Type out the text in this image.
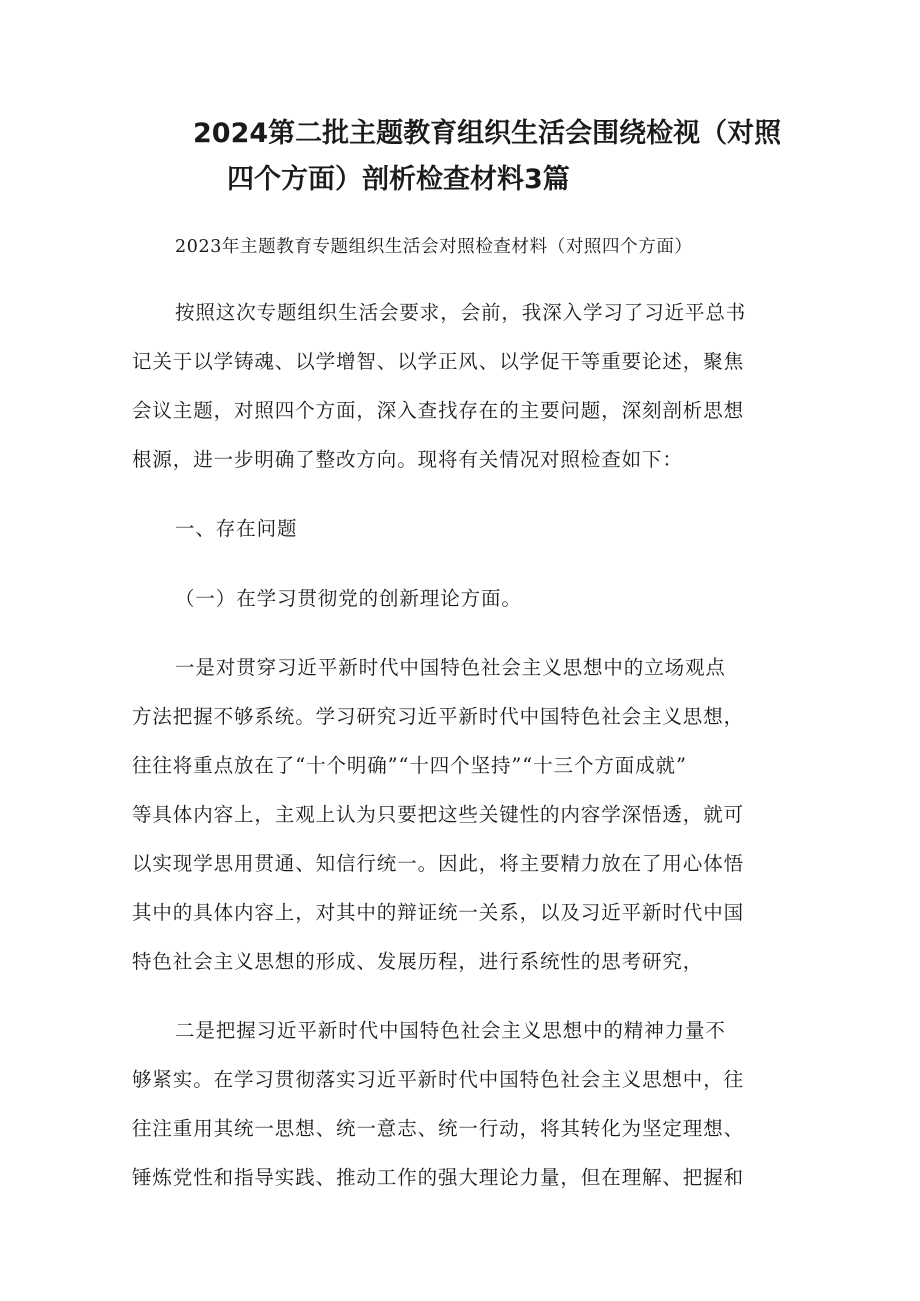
2024第二批主题教育组织生活会围绕检视（对照
四个方面）剖析检查材料3篇
2023年主题教育专题组织生活会对照检查材料（对照四个方面）
按照这次专题组织生活会要求，会前，我深入学习了习近平总书
记关于以学铸魂、以学增智、以学正风、以学促干等重要论述，聚焦
会议主题，对照四个方面，深入查找存在的主要问题，深刻剖析思想
根源，进一步明确了整改方向。现将有关情况对照检查如下：
一、存在问题
（一）在学习贯彻党的创新理论方面。
一是对贯穿习近平新时代中国特色社会主义思想中的立场观点
方法把握不够系统。学习研究习近平新时代中国特色社会主义思想，
往往将重点放在了“十个明确”“十四个坚持”“十三个方面成就”
等具体内容上，主观上认为只要把这些关键性的内容学深悟透，就可
以实现学思用贯通、知信行统一。因此，将主要精力放在了用心体悟
其中的具体内容上，对其中的辩证统一关系，以及习近平新时代中国
特色社会主义思想的形成、发展历程，进行系统性的思考研究，
二是把握习近平新时代中国特色社会主义思想中的精神力量不
够紧实。在学习贯彻落实习近平新时代中国特色社会主义思想中，往
往注重用其统一思想、统一意志、统一行动，将其转化为坚定理想、
锤炼党性和指导实践、推动工作的强大理论力量，但在理解、把握和
